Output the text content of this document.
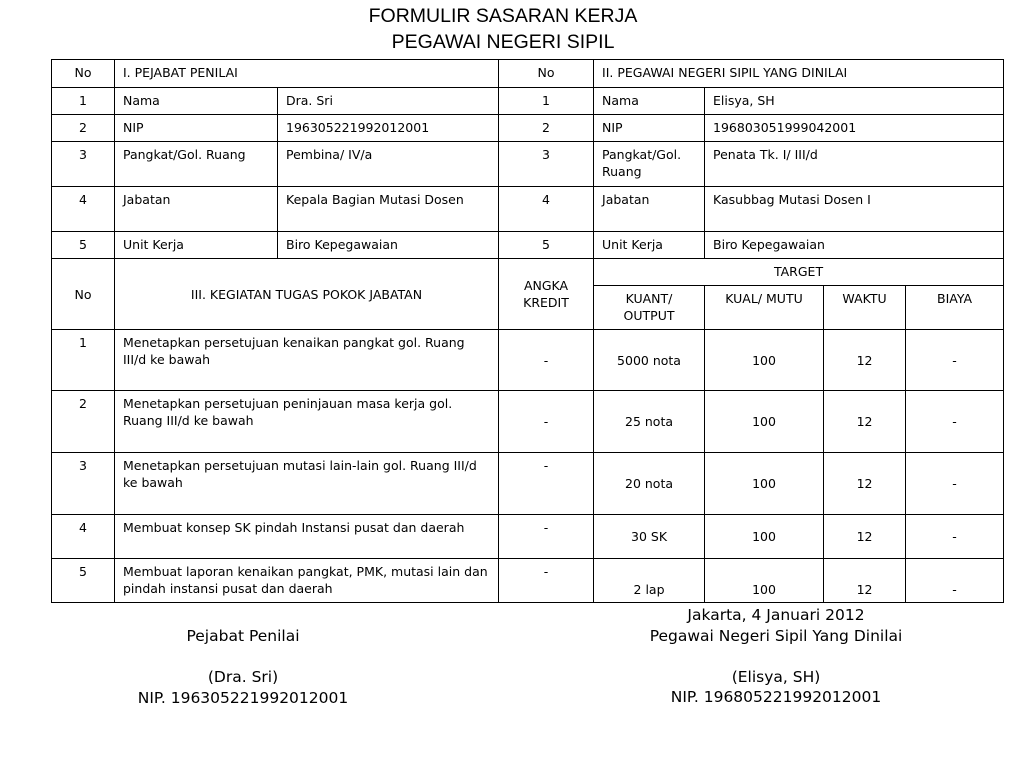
FORMULIR SASARAN KERJA
PEGAWAI NEGERI SIPIL
No	I. PEJABAT PENILAI		No	II. PEGAWAI NEGERI SIPIL YANG DINILAI			
1	Nama	Dra. Sri	1	Nama	Elisya, SH		
2	NIP	196305221992012001	2	NIP	196803051999042001		
3	Pangkat/Gol. Ruang	Pembina/ IV/a	3	Pangkat/Gol. Ruang	Penata Tk. I/ III/d		
4	Jabatan	Kepala Bagian Mutasi Dosen	4	Jabatan	Kasubbag Mutasi Dosen I		
5	Unit Kerja	Biro Kepegawaian	5	Unit Kerja	Biro Kepegawaian		
No	III. KEGIATAN TUGAS POKOK JABATAN		ANGKA KREDIT	TARGET			
				KUANT/ OUTPUT	KUAL/ MUTU	WAKTU	BIAYA
1	Menetapkan persetujuan kenaikan pangkat gol. Ruang III/d ke bawah		-	5000 nota	100	12	-
2	Menetapkan persetujuan peninjauan masa kerja gol. Ruang III/d ke bawah		-	25 nota	100	12	-
3	Menetapkan persetujuan mutasi lain-lain gol. Ruang III/d ke bawah		-	20 nota	100	12	-
4	Membuat konsep SK pindah Instansi pusat dan daerah		-	30 SK	100	12	-
5	Membuat laporan kenaikan pangkat, PMK, mutasi lain dan pindah instansi pusat dan daerah		-	2 lap	100	12	-
Pejabat Penilai
(Dra. Sri)
NIP. 196305221992012001
Jakarta, 4 Januari 2012
Pegawai Negeri Sipil Yang Dinilai
(Elisya, SH)
NIP. 196805221992012001
